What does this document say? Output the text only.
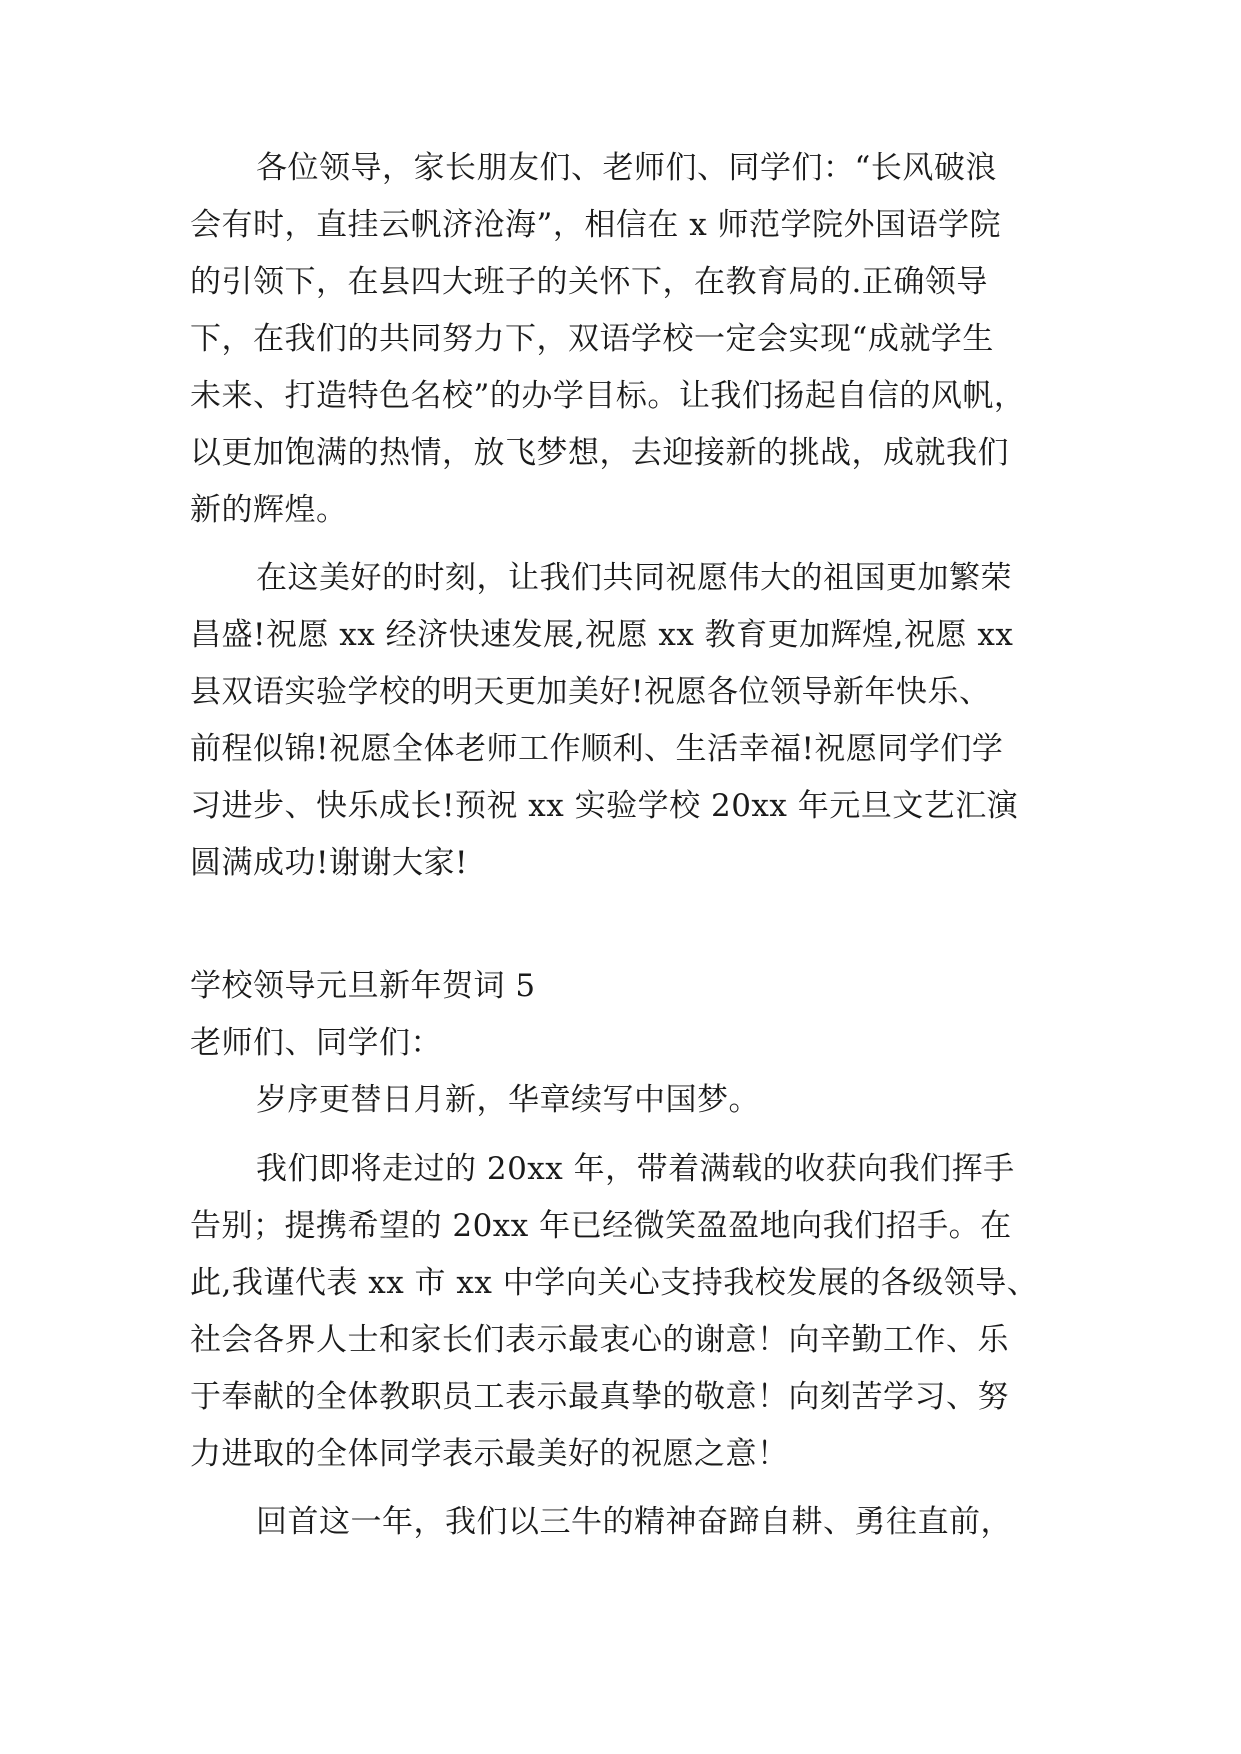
各位领导，家长朋友们、老师们、同学们：“长风破浪
会有时，直挂云帆济沧海”，相信在 x 师范学院外国语学院
的引领下，在县四大班子的关怀下，在教育局的.正确领导
下，在我们的共同努力下，双语学校一定会实现“成就学生
未来、打造特色名校”的办学目标。让我们扬起自信的风帆，
以更加饱满的热情，放飞梦想，去迎接新的挑战，成就我们
新的辉煌。
在这美好的时刻，让我们共同祝愿伟大的祖国更加繁荣
昌盛!祝愿 xx 经济快速发展,祝愿 xx 教育更加辉煌,祝愿 xx
县双语实验学校的明天更加美好!祝愿各位领导新年快乐、
前程似锦!祝愿全体老师工作顺利、生活幸福!祝愿同学们学
习进步、快乐成长!预祝 xx 实验学校 20xx 年元旦文艺汇演
圆满成功!谢谢大家!
学校领导元旦新年贺词 5
老师们、同学们：
岁序更替日月新，华章续写中国梦。
我们即将走过的 20xx 年，带着满载的收获向我们挥手
告别；提携希望的 20xx 年已经微笑盈盈地向我们招手。在
此,我谨代表 xx 市 xx 中学向关心支持我校发展的各级领导、
社会各界人士和家长们表示最衷心的谢意！向辛勤工作、乐
于奉献的全体教职员工表示最真挚的敬意！向刻苦学习、努
力进取的全体同学表示最美好的祝愿之意！
回首这一年，我们以三牛的精神奋蹄自耕、勇往直前，
